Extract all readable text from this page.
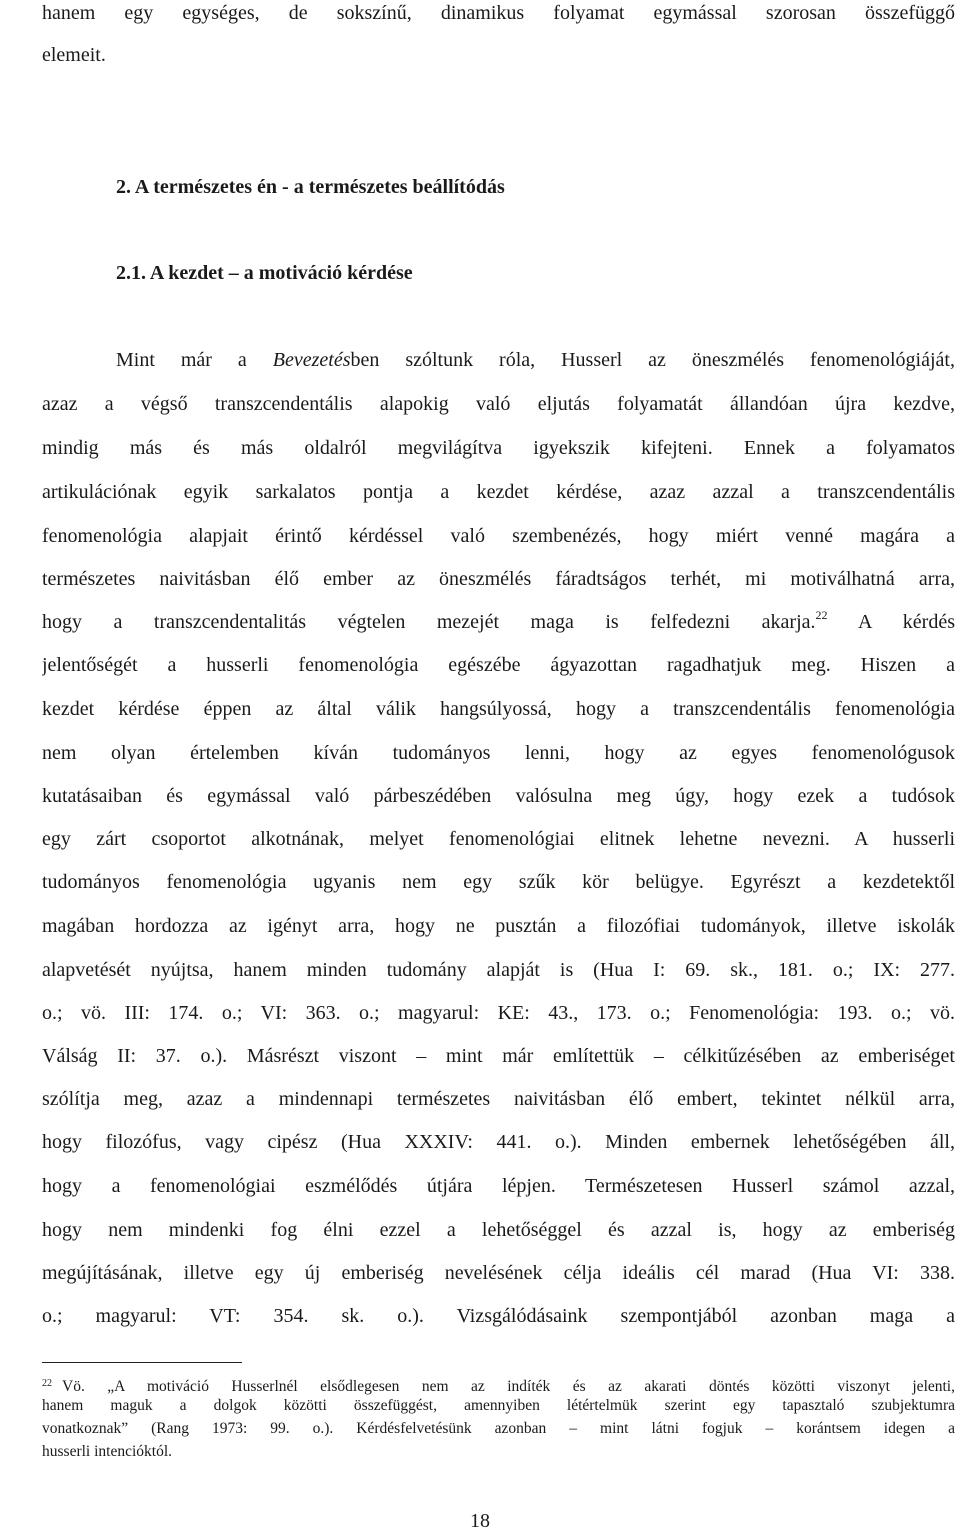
hanem egy egységes, de sokszínű, dinamikus folyamat egymással szorosan összefüggő
elemeit.
2. A természetes én - a természetes beállítódás
2.1. A kezdet – a motiváció kérdése
Mint már a Bevezetésben szóltunk róla, Husserl az öneszmélés fenomenológiáját,
azaz a végső transzcendentális alapokig való eljutás folyamatát állandóan újra kezdve,
mindig más és más oldalról megvilágítva igyekszik kifejteni. Ennek a folyamatos
artikulációnak egyik sarkalatos pontja a kezdet kérdése, azaz azzal a transzcendentális
fenomenológia alapjait érintő kérdéssel való szembenézés, hogy miért venné magára a
természetes naivitásban élő ember az öneszmélés fáradtságos terhét, mi motiválhatná arra,
hogy a transzcendentalitás végtelen mezejét maga is felfedezni akarja.$^{22}$ A kérdés
jelentőségét a husserli fenomenológia egészébe ágyazottan ragadhatjuk meg. Hiszen a
kezdet kérdése éppen az által válik hangsúlyossá, hogy a transzcendentális fenomenológia
nem olyan értelemben kíván tudományos lenni, hogy az egyes fenomenológusok
kutatásaiban és egymással való párbeszédében valósulna meg úgy, hogy ezek a tudósok
egy zárt csoportot alkotnának, melyet fenomenológiai elitnek lehetne nevezni. A husserli
tudományos fenomenológia ugyanis nem egy szűk kör belügye. Egyrészt a kezdetektől
magában hordozza az igényt arra, hogy ne pusztán a filozófiai tudományok, illetve iskolák
alapvetését nyújtsa, hanem minden tudomány alapját is (Hua I: 69. sk., 181. o.; IX: 277.
o.; vö. III: 174. o.; VI: 363. o.; magyarul: KE: 43., 173. o.; Fenomenológia: 193. o.; vö.
Válság II: 37. o.). Másrészt viszont – mint már említettük – célkitűzésében az emberiséget
szólítja meg, azaz a mindennapi természetes naivitásban élő embert, tekintet nélkül arra,
hogy filozófus, vagy cipész (Hua XXXIV: 441. o.). Minden embernek lehetőségében áll,
hogy a fenomenológiai eszmélődés útjára lépjen. Természetesen Husserl számol azzal,
hogy nem mindenki fog élni ezzel a lehetőséggel és azzal is, hogy az emberiség
megújításának, illetve egy új emberiség nevelésének célja ideális cél marad (Hua VI: 338.
o.; magyarul: VT: 354. sk. o.). Vizsgálódásaink szempontjából azonban maga a
$^{22}$ Vö. „A motiváció Husserlnél elsődlegesen nem az indíték és az akarati döntés közötti viszonyt jelenti,
hanem maguk a dolgok közötti összefüggést, amennyiben létértelmük szerint egy tapasztaló szubjektumra
vonatkoznak” (Rang 1973: 99. o.). Kérdésfelvetésünk azonban – mint látni fogjuk – korántsem idegen a
husserli intencióktól.
18
